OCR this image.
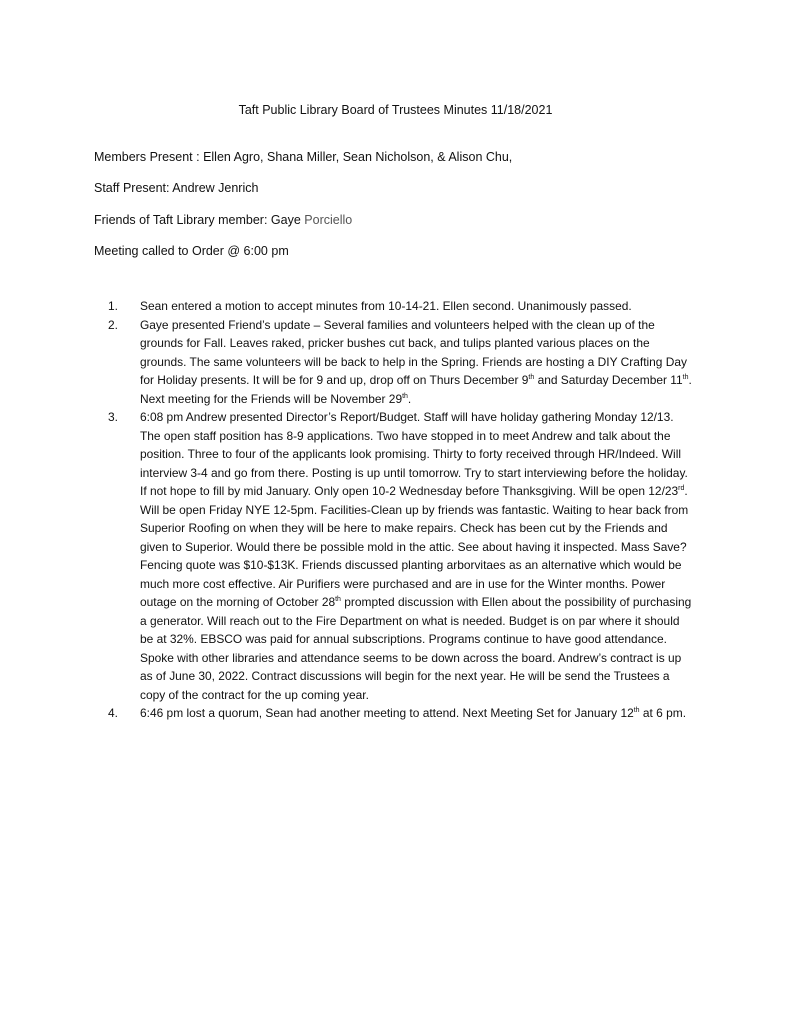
Taft Public Library Board of Trustees Minutes 11/18/2021
Members Present : Ellen Agro, Shana Miller, Sean Nicholson, & Alison Chu,
Staff Present: Andrew Jenrich
Friends of Taft Library member: Gaye Porciello
Meeting called to Order @ 6:00 pm
1. Sean entered a motion to accept minutes from 10-14-21. Ellen second. Unanimously passed.
2. Gaye presented Friend’s update – Several families and volunteers helped with the clean up of the grounds for Fall. Leaves raked, pricker bushes cut back, and tulips planted various places on the grounds. The same volunteers will be back to help in the Spring. Friends are hosting a DIY Crafting Day for Holiday presents. It will be for 9 and up, drop off on Thurs December 9th and Saturday December 11th. Next meeting for the Friends will be November 29th.
3. 6:08 pm Andrew presented Director’s Report/Budget. Staff will have holiday gathering Monday 12/13. The open staff position has 8-9 applications. Two have stopped in to meet Andrew and talk about the position. Three to four of the applicants look promising. Thirty to forty received through HR/Indeed. Will interview 3-4 and go from there. Posting is up until tomorrow. Try to start interviewing before the holiday. If not hope to fill by mid January. Only open 10-2 Wednesday before Thanksgiving. Will be open 12/23rd. Will be open Friday NYE 12-5pm. Facilities-Clean up by friends was fantastic. Waiting to hear back from Superior Roofing on when they will be here to make repairs. Check has been cut by the Friends and given to Superior. Would there be possible mold in the attic. See about having it inspected. Mass Save? Fencing quote was $10-$13K. Friends discussed planting arborvitaes as an alternative which would be much more cost effective. Air Purifiers were purchased and are in use for the Winter months. Power outage on the morning of October 28th prompted discussion with Ellen about the possibility of purchasing a generator. Will reach out to the Fire Department on what is needed. Budget is on par where it should be at 32%. EBSCO was paid for annual subscriptions. Programs continue to have good attendance. Spoke with other libraries and attendance seems to be down across the board. Andrew’s contract is up as of June 30, 2022. Contract discussions will begin for the next year. He will be send the Trustees a copy of the contract for the up coming year.
4. 6:46 pm lost a quorum, Sean had another meeting to attend. Next Meeting Set for January 12th at 6 pm.
